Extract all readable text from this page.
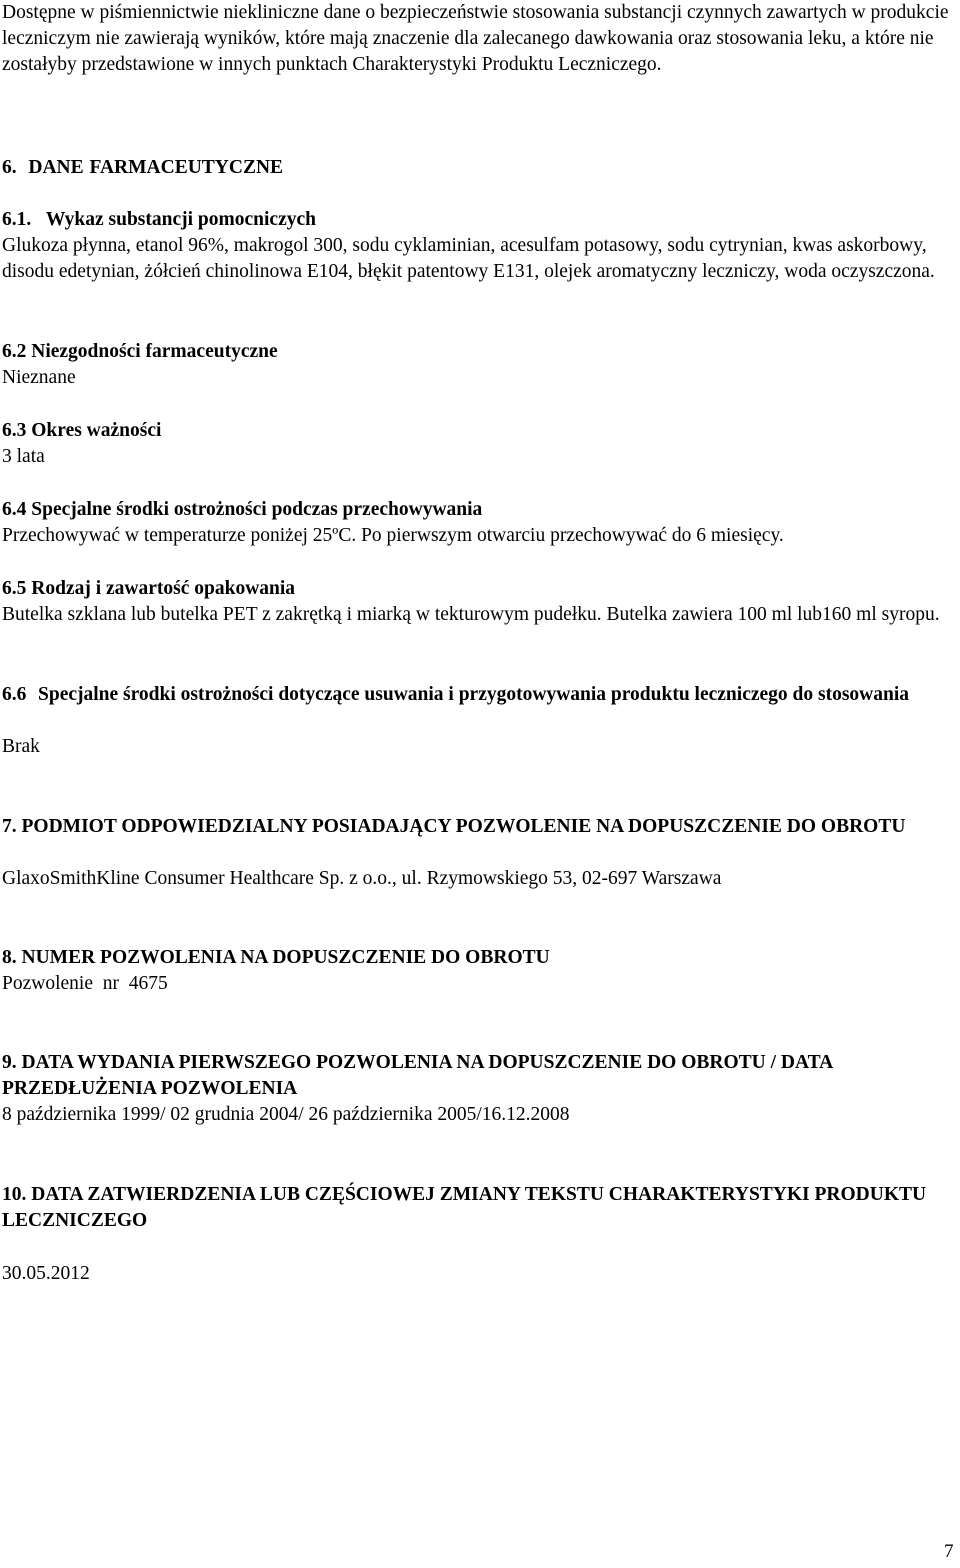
Dostępne w piśmiennictwie niekliniczne dane o bezpieczeństwie stosowania substancji czynnych zawartych w produkcie leczniczym nie zawierają wyników, które mają znaczenie dla zalecanego dawkowania oraz stosowania leku, a które nie zostałyby przedstawione w innych punktach Charakterystyki Produktu Leczniczego.

6. DANE FARMACEUTYCZNE
6.1. Wykaz substancji pomocniczych

Glukoza płynna, etanol 96%, makrogol 300, sodu cyklaminian, acesulfam potasowy, sodu cytrynian, kwas askorbowy, disodu edetynian, żółcień chinolinowa E104, błękit patentowy E131, olejek aromatyczny leczniczy, woda oczyszczona.

6.2 Niezgodności farmaceutyczne

Nieznane

6.3 Okres ważności

3 lata

6.4 Specjalne środki ostrożności podczas przechowywania

Przechowywać w temperaturze poniżej 25ºC. Po pierwszym otwarciu przechowywać do 6 miesięcy.

6.5 Rodzaj i zawartość opakowania

Butelka szklana lub butelka PET z zakrętką i miarką w tekturowym pudełku. Butelka zawiera 100 ml lub160 ml syropu.

6.6 Specjalne środki ostrożności dotyczące usuwania i przygotowywania produktu leczniczego do stosowania

Brak

7. PODMIOT ODPOWIEDZIALNY POSIADAJĄCY POZWOLENIE NA DOPUSZCZENIE DO OBROTU

GlaxoSmithKline Consumer Healthcare Sp. z o.o., ul. Rzymowskiego 53, 02-697 Warszawa

8. NUMER POZWOLENIA NA DOPUSZCZENIE DO OBROTU

Pozwolenie  nr  4675

9. DATA WYDANIA PIERWSZEGO POZWOLENIA NA DOPUSZCZENIE DO OBROTU / DATA PRZEDŁUŻENIA POZWOLENIA

8 października 1999/ 02 grudnia 2004/ 26 października 2005/16.12.2008

10. DATA ZATWIERDZENIA LUB CZĘŚCIOWEJ ZMIANY TEKSTU CHARAKTERYSTYKI PRODUKTU LECZNICZEGO

30.05.2012

7
